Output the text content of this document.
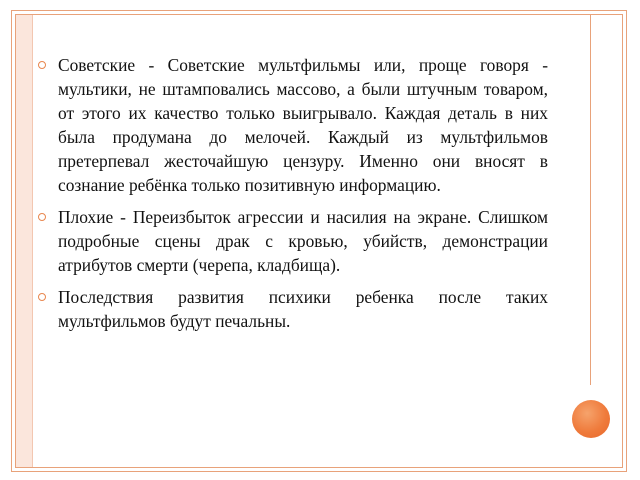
Советские - Советские мультфильмы или, проще говоря - мультики, не штамповались массово, а были штучным товаром, от этого их качество только выигрывало. Каждая деталь в них была продумана до мелочей. Каждый из мультфильмов претерпевал жесточайшую цензуру. Именно они вносят в сознание ребёнка только позитивную информацию.
Плохие - Переизбыток агрессии и насилия на экране. Слишком подробные сцены драк с кровью, убийств, демонстрации атрибутов смерти (черепа, кладбища).
Последствия развития психики ребенка после таких мультфильмов будут печальны.
